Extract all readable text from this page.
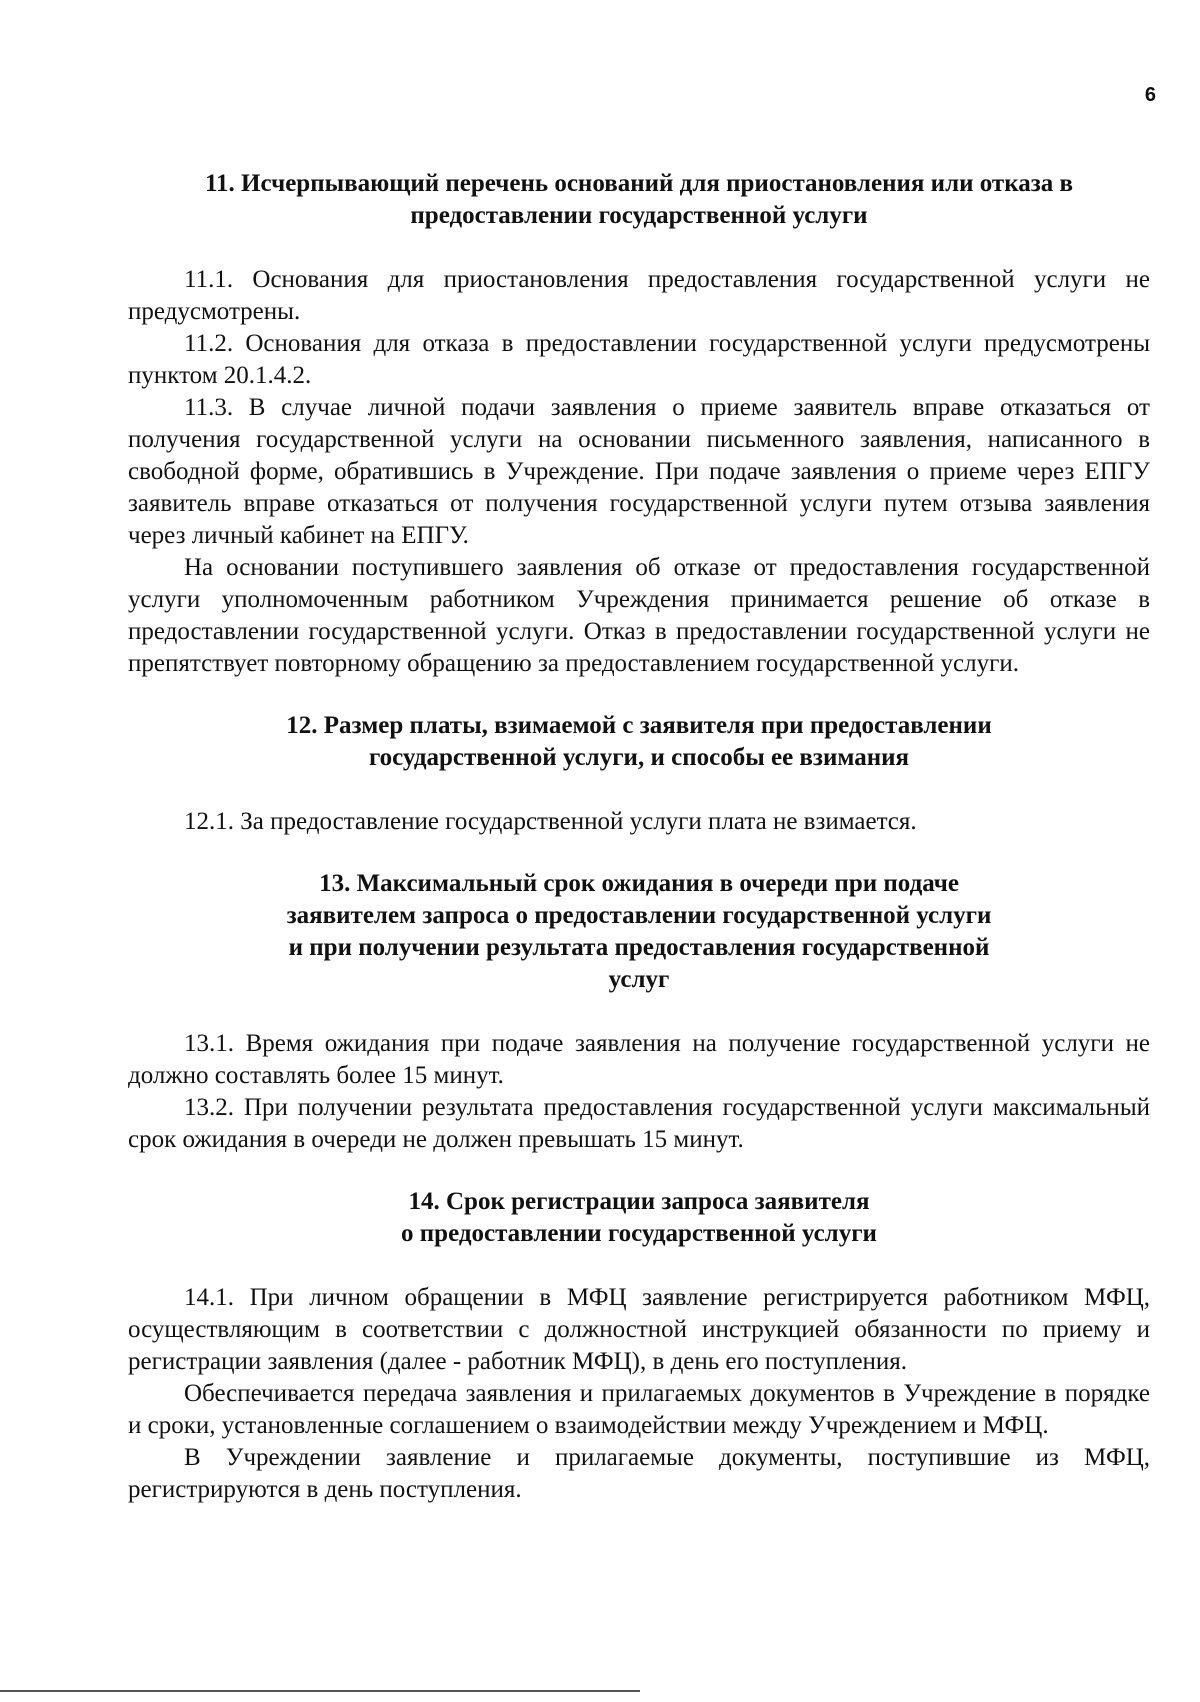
6
11. Исчерпывающий перечень оснований для приостановления или отказа в
предоставлении государственной услуги

11.1. Основания для приостановления предоставления государственной услуги не предусмотрены.

11.2. Основания для отказа в предоставлении государственной услуги предусмотрены пунктом 20.1.4.2.

11.3. В случае личной подачи заявления о приеме заявитель вправе отказаться от получения государственной услуги на основании письменного заявления, написанного в свободной форме, обратившись в Учреждение. При подаче заявления о приеме через ЕПГУ заявитель вправе отказаться от получения государственной услуги путем отзыва заявления через личный кабинет на ЕПГУ.

На основании поступившего заявления об отказе от предоставления государственной услуги уполномоченным работником Учреждения принимается решение об отказе в предоставлении государственной услуги. Отказ в предоставлении государственной услуги не препятствует повторному обращению за предоставлением государственной услуги.

12. Размер платы, взимаемой с заявителя при предоставлении
государственной услуги, и способы ее взимания

12.1. За предоставление государственной услуги плата не взимается.

13. Максимальный срок ожидания в очереди при подаче
заявителем запроса о предоставлении государственной услуги
и при получении результата предоставления государственной
услуг

13.1. Время ожидания при подаче заявления на получение государственной услуги не должно составлять более 15 минут.

13.2. При получении результата предоставления государственной услуги максимальный срок ожидания в очереди не должен превышать 15 минут.

14. Срок регистрации запроса заявителя
о предоставлении государственной услуги

14.1. При личном обращении в МФЦ заявление регистрируется работником МФЦ, осуществляющим в соответствии с должностной инструкцией обязанности по приему и регистрации заявления (далее - работник МФЦ), в день его поступления.

Обеспечивается передача заявления и прилагаемых документов в Учреждение в порядке и сроки, установленные соглашением о взаимодействии между Учреждением и МФЦ.

В Учреждении заявление и прилагаемые документы, поступившие из МФЦ, регистрируются в день поступления.
